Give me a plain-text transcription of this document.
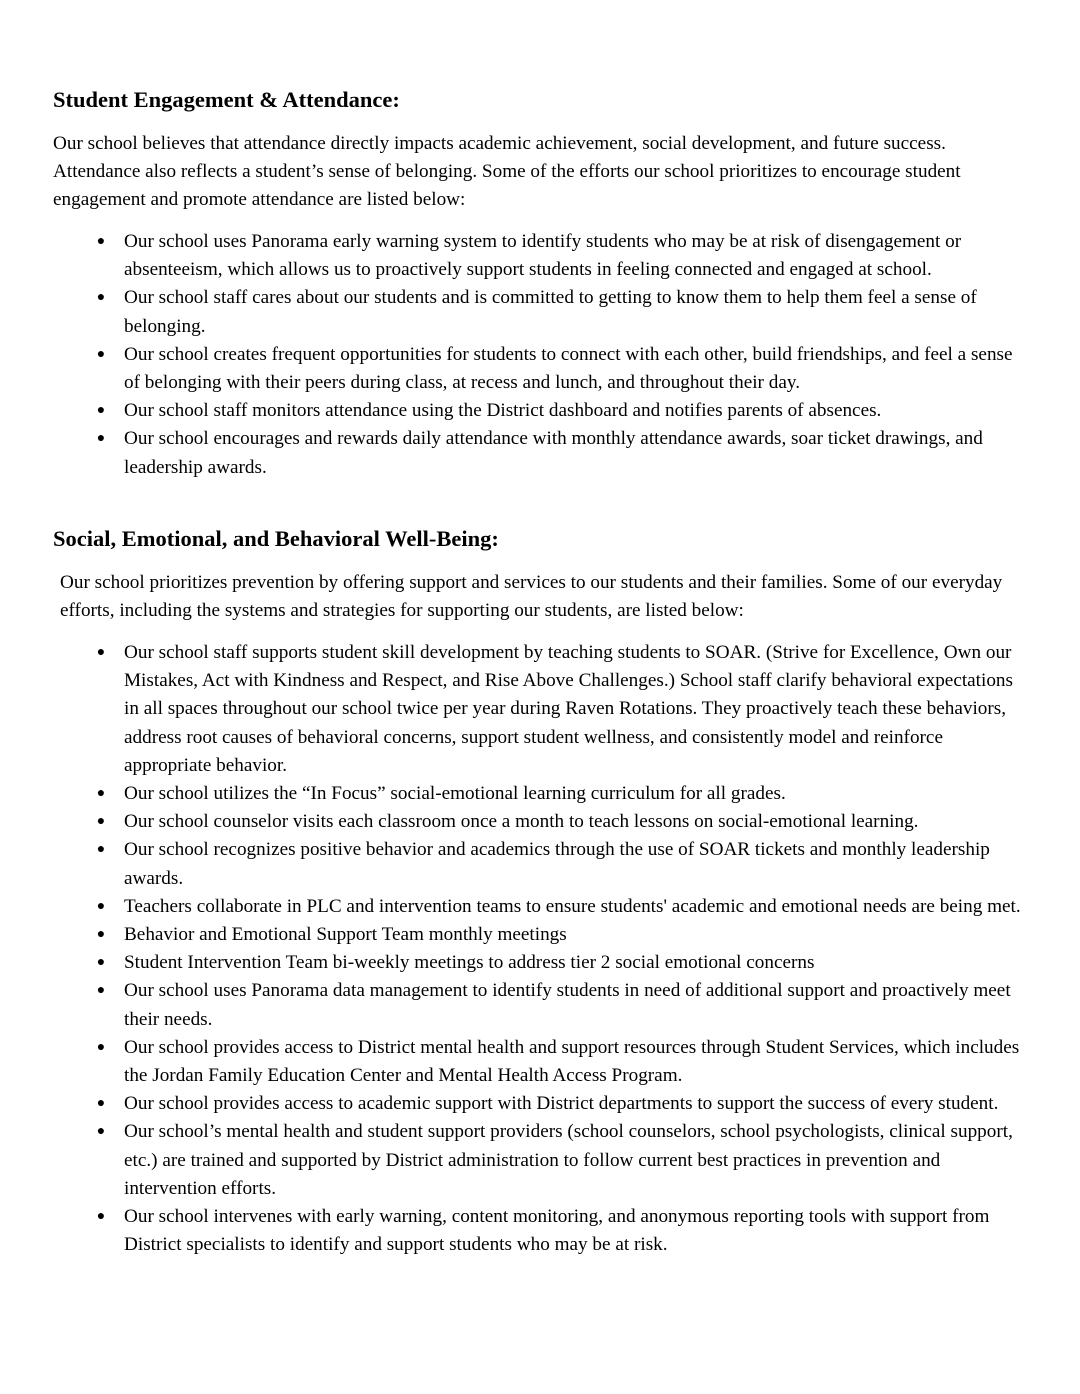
Student Engagement & Attendance:

Our school believes that attendance directly impacts academic achievement, social development, and future success. Attendance also reflects a student’s sense of belonging. Some of the efforts our school prioritizes to encourage student engagement and promote attendance are listed below:

●
Our school uses Panorama early warning system to identify students who may be at risk of disengagement or absenteeism, which allows us to proactively support students in feeling connected and engaged at school.
●
Our school staff cares about our students and is committed to getting to know them to help them feel a sense of belonging.
●
Our school creates frequent opportunities for students to connect with each other, build friendships, and feel a sense of belonging with their peers during class, at recess and lunch, and throughout their day.
●
Our school staff monitors attendance using the District dashboard and notifies parents of absences.
●
Our school encourages and rewards daily attendance with monthly attendance awards, soar ticket drawings, and leadership awards.
Social, Emotional, and Behavioral Well-Being:

Our school prioritizes prevention by offering support and services to our students and their families. Some of our everyday efforts, including the systems and strategies for supporting our students, are listed below:

●
Our school staff supports student skill development by teaching students to SOAR. (Strive for Excellence, Own our Mistakes, Act with Kindness and Respect, and Rise Above Challenges.) School staff clarify behavioral expectations in all spaces throughout our school twice per year during Raven Rotations. They proactively teach these behaviors, address root causes of behavioral concerns, support student wellness, and consistently model and reinforce appropriate behavior.
●
Our school utilizes the “In Focus” social-emotional learning curriculum for all grades.
●
Our school counselor visits each classroom once a month to teach lessons on social-emotional learning.
●
Our school recognizes positive behavior and academics through the use of SOAR tickets and monthly leadership awards.
●
Teachers collaborate in PLC and intervention teams to ensure students' academic and emotional needs are being met.
●
Behavior and Emotional Support Team monthly meetings
●
Student Intervention Team bi-weekly meetings to address tier 2 social emotional concerns
●
Our school uses Panorama data management to identify students in need of additional support and proactively meet their needs.
●
Our school provides access to District mental health and support resources through Student Services, which includes the Jordan Family Education Center and Mental Health Access Program.
●
Our school provides access to academic support with District departments to support the success of every student.
●
Our school’s mental health and student support providers (school counselors, school psychologists, clinical support, etc.) are trained and supported by District administration to follow current best practices in prevention and intervention efforts.
●
Our school intervenes with early warning, content monitoring, and anonymous reporting tools with support from District specialists to identify and support students who may be at risk.
